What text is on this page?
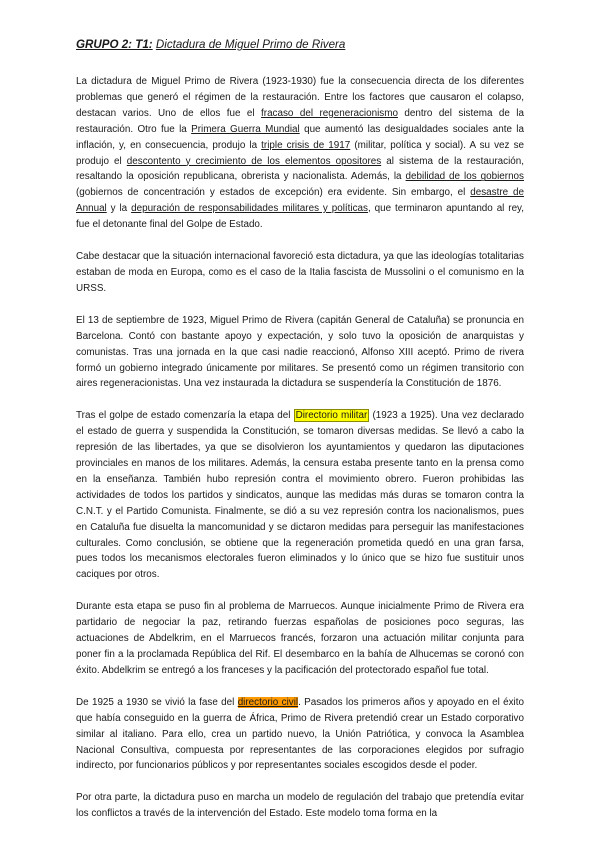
GRUPO 2: T1: Dictadura de Miguel Primo de Rivera

La dictadura de Miguel Primo de Rivera (1923-1930) fue la consecuencia directa de los diferentes problemas que generó el régimen de la restauración. Entre los factores que causaron el colapso, destacan varios. Uno de ellos fue el fracaso del regeneracionismo dentro del sistema de la restauración. Otro fue la Primera Guerra Mundial que aumentó las desigualdades sociales ante la inflación, y, en consecuencia, produjo la triple crisis de 1917 (militar, política y social). A su vez se produjo el descontento y crecimiento de los elementos opositores al sistema de la restauración, resaltando la oposición republicana, obrerista y nacionalista. Además, la debilidad de los gobiernos (gobiernos de concentración y estados de excepción) era evidente. Sin embargo, el desastre de Annual y la depuración de responsabilidades militares y políticas, que terminaron apuntando al rey, fue el detonante final del Golpe de Estado.

Cabe destacar que la situación internacional favoreció esta dictadura, ya que las ideologías totalitarias estaban de moda en Europa, como es el caso de la Italia fascista de Mussolini o el comunismo en la URSS.

El 13 de septiembre de 1923, Miguel Primo de Rivera (capitán General de Cataluña) se pronuncia en Barcelona. Contó con bastante apoyo y expectación, y solo tuvo la oposición de anarquistas y comunistas. Tras una jornada en la que casi nadie reaccionó, Alfonso XIII aceptó. Primo de rivera formó un gobierno integrado únicamente por militares. Se presentó como un régimen transitorio con aires regeneracionistas. Una vez instaurada la dictadura se suspendería la Constitución de 1876.

Tras el golpe de estado comenzaría la etapa del Directorio militar (1923 a 1925). Una vez declarado el estado de guerra y suspendida la Constitución, se tomaron diversas medidas. Se llevó a cabo la represión de las libertades, ya que se disolvieron los ayuntamientos y quedaron las diputaciones provinciales en manos de los militares. Además, la censura estaba presente tanto en la prensa como en la enseñanza. También hubo represión contra el movimiento obrero. Fueron prohibidas las actividades de todos los partidos y sindicatos, aunque las medidas más duras se tomaron contra la C.N.T. y el Partido Comunista. Finalmente, se dió a su vez represión contra los nacionalismos, pues en Cataluña fue disuelta la mancomunidad y se dictaron medidas para perseguir las manifestaciones culturales. Como conclusión, se obtiene que la regeneración prometida quedó en una gran farsa, pues todos los mecanismos electorales fueron eliminados y lo único que se hizo fue sustituir unos caciques por otros.

Durante esta etapa se puso fin al problema de Marruecos. Aunque inicialmente Primo de Rivera era partidario de negociar la paz, retirando fuerzas españolas de posiciones poco seguras, las actuaciones de Abdelkrim, en el Marruecos francés, forzaron una actuación militar conjunta para poner fin a la proclamada República del Rif. El desembarco en la bahía de Alhucemas se coronó con éxito. Abdelkrim se entregó a los franceses y la pacificación del protectorado español fue total.

De 1925 a 1930 se vivió la fase del directorio civil. Pasados los primeros años y apoyado en el éxito que había conseguido en la guerra de África, Primo de Rivera pretendió crear un Estado corporativo similar al italiano. Para ello, crea un partido nuevo, la Unión Patriótica, y convoca la Asamblea Nacional Consultiva, compuesta por representantes de las corporaciones elegidos por sufragio indirecto, por funcionarios públicos y por representantes sociales escogidos desde el poder.

Por otra parte, la dictadura puso en marcha un modelo de regulación del trabajo que pretendía evitar los conflictos a través de la intervención del Estado. Este modelo toma forma en la
